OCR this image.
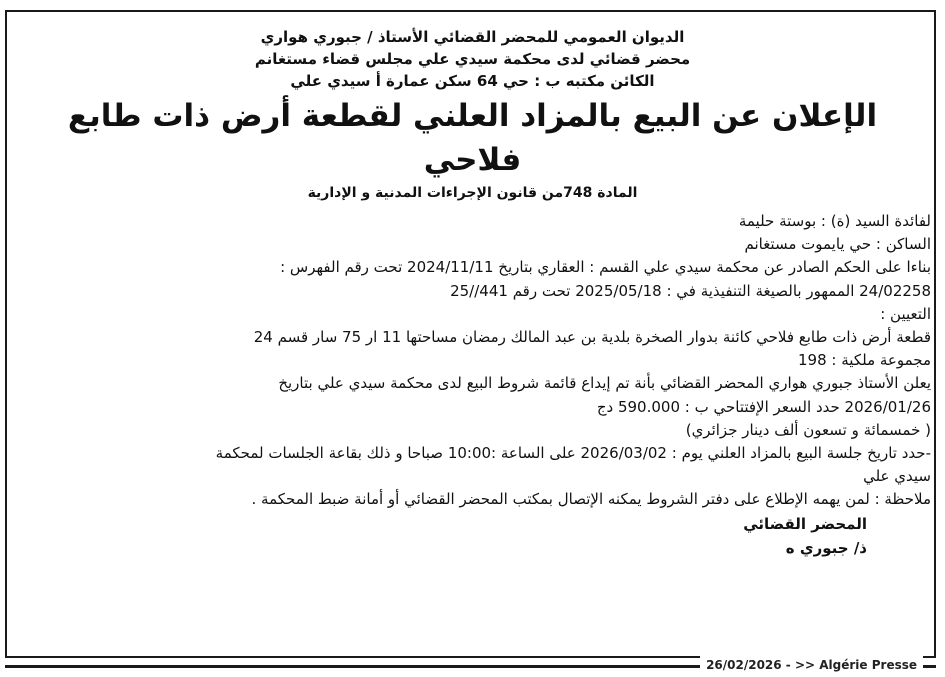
الديوان العمومي للمحضر القضائي الأستاذ / جبوري هواري
محضر قضائي لدى محكمة سيدي علي مجلس قضاء مستغانم
الكائن مكتبه ب : حي 64 سكن عمارة أ سيدي علي
الإعلان عن البيع بالمزاد العلني لقطعة أرض ذات طابع فلاحي
المادة 748من قانون الإجراءات المدنية و الإدارية
لفائدة السيد (ة) : بوستة حليمة
الساكن : حي يايموت مستغانم
بناءا على الحكم الصادر عن محكمة سيدي علي القسم : العقاري بتاريخ 2024/11/11 تحت رقم الفهرس :
24/02258 الممهور بالصيغة التنفيذية في : 2025/05/18 تحت رقم 441//25
التعيين :
قطعة أرض ذات طابع فلاحي كائنة بدوار الصخرة بلدية بن عبد المالك رمضان مساحتها 11 ار 75 سار قسم 24
مجموعة ملكية : 198
يعلن الأستاذ جبوري هواري المحضر القضائي بأنة تم إيداع قائمة شروط البيع لدى محكمة سيدي علي بتاريخ
2026/01/26 حدد السعر الإفتتاحي ب : 590.000 دج
( خمسمائة و تسعون ألف دينار جزائري)
-حدد تاريخ جلسة البيع بالمزاد العلني يوم : 2026/03/02 على الساعة :10:00 صباحا و ذلك بقاعة الجلسات لمحكمة
سيدي علي
ملاحظة : لمن يهمه الإطلاع على دفتر الشروط يمكنه الإتصال بمكتب المحضر القضائي أو أمانة ضبط المحكمة .
المحضر القضائي
ذ/ جبوري ه
26/02/2026 - >> Algérie Presse
